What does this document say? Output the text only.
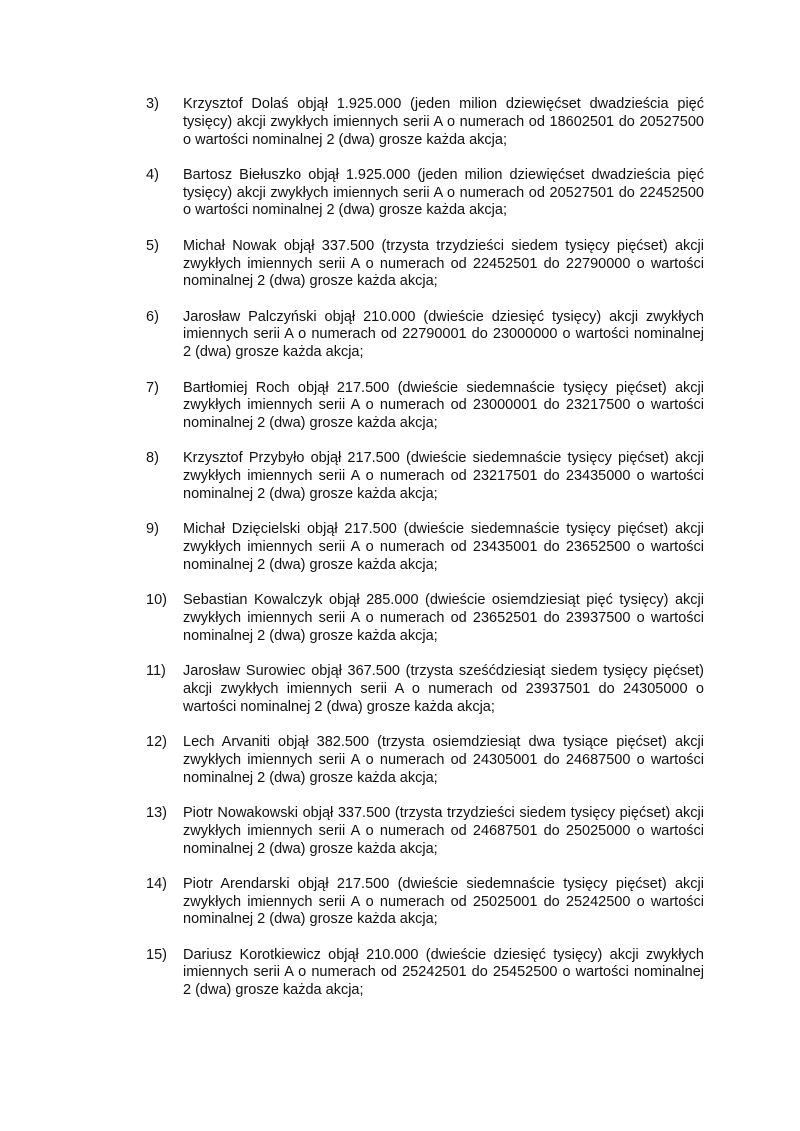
3)	Krzysztof Dolaś objął 1.925.000 (jeden milion dziewięćset dwadzieścia pięć tysięcy) akcji zwykłych imiennych serii A o numerach od 18602501 do 20527500 o wartości nominalnej 2 (dwa) grosze każda akcja;
4)	Bartosz Biełuszko objął 1.925.000 (jeden milion dziewięćset dwadzieścia pięć tysięcy) akcji zwykłych imiennych serii A o numerach od 20527501 do 22452500 o wartości nominalnej 2 (dwa) grosze każda akcja;
5)	Michał Nowak objął 337.500 (trzysta trzydzieści siedem tysięcy pięćset) akcji zwykłych imiennych serii A o numerach od 22452501 do 22790000 o wartości nominalnej 2 (dwa) grosze każda akcja;
6)	Jarosław Palczyński objął 210.000 (dwieście dziesięć tysięcy) akcji zwykłych imiennych serii A o numerach od 22790001 do 23000000 o wartości nominalnej 2 (dwa) grosze każda akcja;
7)	Bartłomiej Roch objął 217.500 (dwieście siedemnaście tysięcy pięćset) akcji zwykłych imiennych serii A o numerach od 23000001 do 23217500 o wartości nominalnej 2 (dwa) grosze każda akcja;
8)	Krzysztof Przybyło objął 217.500 (dwieście siedemnaście tysięcy pięćset) akcji zwykłych imiennych serii A o numerach od 23217501 do 23435000 o wartości nominalnej 2 (dwa) grosze każda akcja;
9)	Michał Dzięcielski objął 217.500 (dwieście siedemnaście tysięcy pięćset) akcji zwykłych imiennych serii A o numerach od 23435001 do 23652500 o wartości nominalnej 2 (dwa) grosze każda akcja;
10)	Sebastian Kowalczyk objął 285.000 (dwieście osiemdziesiąt pięć tysięcy) akcji zwykłych imiennych serii A o numerach od 23652501 do 23937500 o wartości nominalnej 2 (dwa) grosze każda akcja;
11)	Jarosław Surowiec objął 367.500 (trzysta sześćdziesiąt siedem tysięcy pięćset) akcji zwykłych imiennych serii A o numerach od 23937501 do 24305000 o wartości nominalnej 2 (dwa) grosze każda akcja;
12)	Lech Arvaniti objął 382.500 (trzysta osiemdziesiąt dwa tysiące pięćset) akcji zwykłych imiennych serii A o numerach od 24305001 do 24687500 o wartości nominalnej 2 (dwa) grosze każda akcja;
13)	Piotr Nowakowski objął 337.500 (trzysta trzydzieści siedem tysięcy pięćset) akcji zwykłych imiennych serii A o numerach od 24687501 do 25025000 o wartości nominalnej 2 (dwa) grosze każda akcja;
14)	Piotr Arendarski objął 217.500 (dwieście siedemnaście tysięcy pięćset) akcji zwykłych imiennych serii A o numerach od 25025001 do 25242500 o wartości nominalnej 2 (dwa) grosze każda akcja;
15)	Dariusz Korotkiewicz objął 210.000 (dwieście dziesięć tysięcy) akcji zwykłych imiennych serii A o numerach od 25242501 do 25452500 o wartości nominalnej 2 (dwa) grosze każda akcja;
